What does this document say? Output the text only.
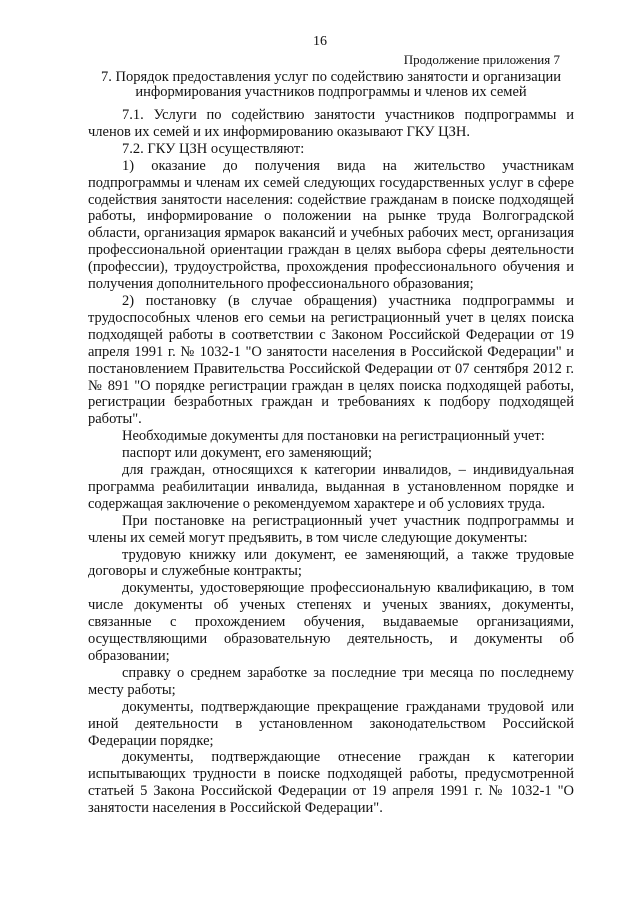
16
Продолжение приложения 7
7. Порядок предоставления услуг по содействию занятости и организации информирования участников подпрограммы и членов их семей

7.1. Услуги по содействию занятости участников подпрограммы и членов их семей и их информированию оказывают ГКУ ЦЗН.

7.2. ГКУ ЦЗН осуществляют:

1) оказание до получения вида на жительство участникам подпрограммы и членам их семей следующих государственных услуг в сфере содействия занятости населения: содействие гражданам в поиске подходящей работы, информирование о положении на рынке труда Волгоградской области, организация ярмарок вакансий и учебных рабочих мест, организация профессиональной ориентации граждан в целях выбора сферы деятельности (профессии), трудоустройства, прохождения профессионального обучения и получения дополнительного профессионального образования;

2) постановку (в случае обращения) участника подпрограммы и трудоспособных членов его семьи на регистрационный учет в целях поиска подходящей работы в соответствии с Законом Российской Федерации от 19 апреля 1991 г. № 1032-1 "О занятости населения в Российской Федерации" и постановлением Правительства Российской Федерации от 07 сентября 2012 г. № 891 "О порядке регистрации граждан в целях поиска подходящей работы, регистрации безработных граждан и требованиях к подбору подходящей работы".

Необходимые документы для постановки на регистрационный учет:

паспорт или документ, его заменяющий;

для граждан, относящихся к категории инвалидов, – индивидуальная программа реабилитации инвалида, выданная в установленном порядке и содержащая заключение о рекомендуемом характере и об условиях труда.

При постановке на регистрационный учет участник подпрограммы и члены их семей могут предъявить, в том числе следующие документы:

трудовую книжку или документ, ее заменяющий, а также трудовые договоры и служебные контракты;

документы, удостоверяющие профессиональную квалификацию, в том числе документы об ученых степенях и ученых званиях, документы, связанные с прохождением обучения, выдаваемые организациями, осуществляющими образовательную деятельность, и документы об образовании;

справку о среднем заработке за последние три месяца по последнему месту работы;

документы, подтверждающие прекращение гражданами трудовой или иной деятельности в установленном законодательством Российской Федерации порядке;

документы, подтверждающие отнесение граждан к категории испытывающих трудности в поиске подходящей работы, предусмотренной статьей 5 Закона Российской Федерации от 19 апреля 1991 г. № 1032-1 "О занятости населения в Российской Федерации".
